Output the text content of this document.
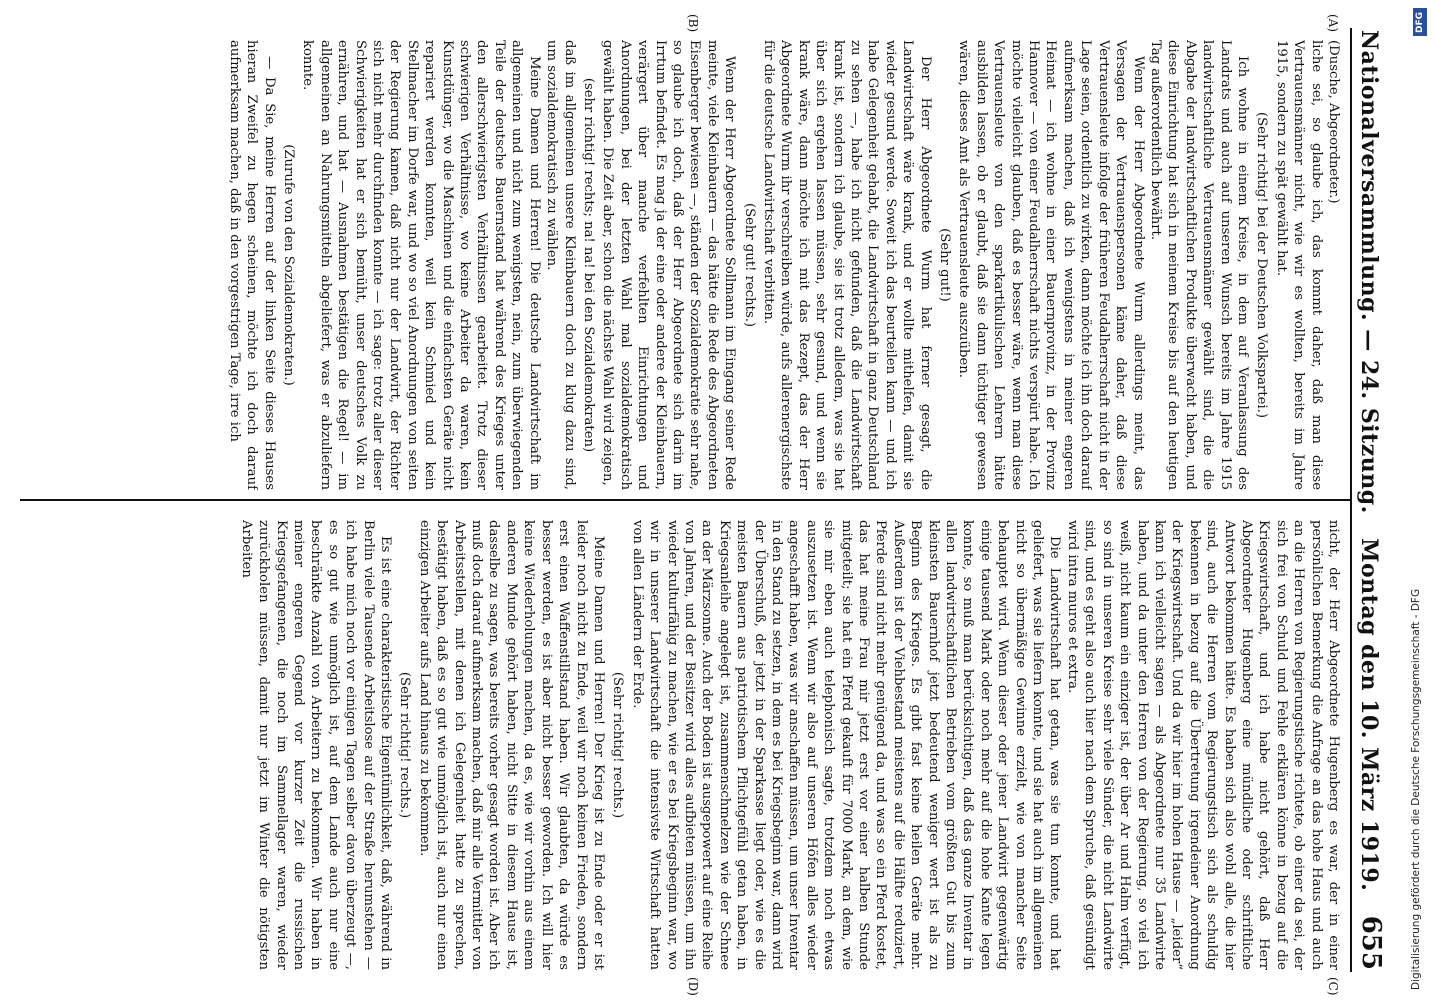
Nationalversammlung. — 24. Sitzung.
Montag den 10. März 1919.
655
(A)
(B)
(C)
(D)

(Dusche, Abgeordneter.)

liche sei, so glaube ich, das kommt daher, daß man diese Vertrauensmänner nicht, wie wir es wollten, bereits im Jahre 1915, sondern zu spät gewählt hat.

(Sehr richtig! bei der Deutschen Volkspartei.)

Ich wohne in einem Kreise, in dem auf Veranlassung des Landrats und auch auf unseren Wunsch bereits im Jahre 1915 landwirtschaftliche Vertrauensmänner gewählt sind, die die Abgabe der landwirtschaftlichen Produkte überwacht haben, und diese Einrichtung hat sich in meinem Kreise bis auf den heutigen Tag außerordentlich bewährt.

Wenn der Herr Abgeordnete Wurm allerdings meint, das Versagen der Vertrauenspersonen käme daher, daß diese Vertrauensleute infolge der früheren Feudalherrschaft nicht in der Lage seien, ordentlich zu wirken, dann möchte ich ihn doch darauf aufmerksam machen, daß ich wenigstens in meiner engeren Heimat — ich wohne in einer Bauernprovinz, in der Provinz Hannover — von einer Feudalherrschaft nichts verspürt habe. Ich möchte vielleicht glauben, daß es besser wäre, wenn man diese Vertrauensleute von den sparkartikulischen Lehrern hätte ausbilden lassen, ob er glaubt, daß sie dann tüchtiger gewesen wären, dieses Amt als Vertrauensleute auszuüben.

(Sehr gut!)

Der Herr Abgeordnete Wurm hat ferner gesagt, die Landwirtschaft wäre krank, und er wollte mithelfen, damit sie wieder gesund werde. Soweit ich das beurteilen kann — und ich habe Gelegenheit gehabt, die Landwirtschaft in ganz Deutschland zu sehen —, habe ich nicht gefunden, daß die Landwirtschaft krank ist, sondern ich glaube, sie ist trotz alledem, was sie hat über sich ergehen lassen müssen, sehr gesund, und wenn sie krank wäre, dann möchte ich mit das Rezept, das der Herr Abgeordnete Wurm ihr verschreiben würde, aufs allerenergischste für die deutsche Landwirtschaft verbitten.

(Sehr gut! rechts.)

Wenn der Herr Abgeordnete Sollmann im Eingang seiner Rede meinte, viele Kleinbauern — das hätte die Rede des Abgeordneten Eisenberger bewiesen —, ständen der Sozialdemokratie sehr nahe, so glaube ich doch, daß der Herr Abgeordnete sich darin im Irrtum befindet. Es mag ja der eine oder andere der Kleinbauern, verärgert über manche verfehlten Einrichtungen und Anordnungen, bei der letzten Wahl mal sozialdemokratisch gewählt haben. Die Zeit aber, schon die nächste Wahl wird zeigen,

(sehr richtig! rechts; na! na! bei den Sozialdemokraten)

daß im allgemeinen unsere Kleinbauern doch zu klug dazu sind, um sozialdemokratisch zu wählen.

Meine Damen und Herren! Die deutsche Landwirtschaft im allgemeinen und nicht zum wenigsten, nein, zum überwiegenden Teile der deutsche Bauernstand hat während des Krieges unter den allerschwierigsten Verhältnissen gearbeitet. Trotz dieser schwierigen Verhältnisse, wo keine Arbeiter da waren, kein Kunstdünger, wo die Maschinen und die einfachsten Geräte nicht repariert werden konnten, weil kein Schmied und kein Stellmacher im Dorfe war, und wo so viel Anordnungen von seiten der Regierung kamen, daß nicht nur der Landwirt, der Richter sich nicht mehr durchfinden konnte — ich sage: trotz aller dieser Schwierigkeiten hat er sich bemüht, unser deutsches Volk zu ernähren, und hat — Ausnahmen bestätigen die Regel! — im allgemeinen an Nahrungsmitteln abgeliefert, was er abzuliefern konnte.

(Zurufe von den Sozialdemokraten.)

— Da Sie, meine Herren auf der linken Seite dieses Hauses hieran Zweifel zu hegen scheinen, möchte ich doch darauf aufmerksam machen, daß in den vorgestrigen Tage, irre ich

nicht, der Herr Abgeordnete Hugenberg es war, der in einer persönlichen Bemerkung die Anfrage an das hohe Haus und auch an die Herren von Regierungstische richtete, ob einer da sei, der sich frei von Schuld und Fehle erklären könne in bezug auf die Kriegswirtschaft, und ich habe nicht gehört, daß Herr Abgeordneter Hugenberg eine mündliche oder schriftliche Antwort bekommen hätte. Es haben sich also wohl alle, die hier sind, auch die Herren vom Regierungstisch sich als schuldig bekennen in bezug auf die Übertretung irgendeiner Anordnung der Kriegswirtschaft. Und da wir hier im hohen Hause — „leider“ kann ich vielleicht sagen — als Abgeordnete nur 35 Landwirte haben, und da unter den Herren von der Regierung, so viel ich weiß, nicht kaum ein einziger ist, der über Ar und Halm verfügt, so sind in unseren Kreise sehr viele Sünder, die nicht Landwirte sind, und es geht also auch hier nach dem Spruche, daß gesündigt wird intra muros et extra.

Die Landwirtschaft hat getan, was sie tun konnte, und hat geliefert, was sie liefern konnte, und sie hat auch im allgemeinen nicht so übermäßige Gewinne erzielt, wie von mancher Seite behauptet wird. Wenn dieser oder jener Landwirt gegenwärtig einige tausend Mark oder noch mehr auf die hohe Kante legen konnte, so muß man berücksichtigen, daß das ganze Inventar in allen landwirtschaftlichen Betrieben vom größten Gut bis zum kleinsten Bauernhof jetzt bedeutend weniger wert ist als zu Beginn des Krieges. Es gibt fast keine heilen Geräte mehr. Außerdem ist der Viehbestand meistens auf die Hälfte reduziert, Pferde sind nicht mehr genügend da, und was so ein Pferd kostet, das hat meine Frau mir jetzt erst vor einer halben Stunde mitgeteilt; sie hat ein Pferd gekauft für 7000 Mark, an dem, wie sie mir eben auch telephonisch sagte, trotzdem noch etwas auszusetzen ist. Wenn wir also auf unseren Höfen alles wieder angeschafft haben, was wir anschaffen müssen, um unser Inventar in den Stand zu setzen, in dem es bei Kriegsbeginn war, dann wird der Überschuß, der jetzt in der Sparkasse liegt oder, wie es die meisten Bauern aus patriotischem Pflichtgefühl getan haben, in Kriegsanleihe angelegt ist, zusammenschmelzen wie der Schnee an der Märzsonne. Auch der Boden ist ausgepowert auf eine Reihe von Jahren, und der Besitzer wird alles aufbieten müssen, um ihn wieder kulturfähig zu machen, wie er es bei Kriegsbeginn war, wo wir in unserer Landwirtschaft die intensivste Wirtschaft hatten von allen Ländern der Erde.

(Sehr richtig! rechts.)

Meine Damen und Herren! Der Krieg ist zu Ende oder er ist leider noch nicht zu Ende, weil wir noch keinen Frieden, sondern erst einen Waffenstillstand haben. Wir glaubten, da würde es besser werden, es ist aber nicht besser geworden. Ich will hier keine Wiederholungen machen, da es, wie wir vorhin aus einem anderen Munde gehört haben, nicht Sitte in diesem Hause ist, dasselbe zu sagen, was bereits vorher gesagt worden ist. Aber ich muß doch darauf aufmerksam machen, daß mir alle Vermittler von Arbeitsstellen, mit denen ich Gelegenheit hatte zu sprechen, bestätigt haben, daß es so gut wie unmöglich ist, auch nur einen einzigen Arbeiter aufs Land hinaus zu bekommen.

(Sehr richtig! rechts.)

Es ist eine charakteristische Eigentümlichkeit, daß, während in Berlin viele Tausende Arbeitslose auf der Straße herumstehen — ich habe mich noch vor einigen Tagen selber davon überzeugt —, es so gut wie unmöglich ist, auf dem Lande auch nur eine beschränkte Anzahl von Arbeitern zu bekommen. Wir haben in meiner engeren Gegend vor kurzer Zeit die russischen Kriegsgefangenen, die noch im Sammellager waren, wieder zurückholen müssen, damit nur jetzt im Winter die nötigsten Arbeiten

DFG
Digitalisierung gefördert durch die Deutsche Forschungsgemeinschaft - DFG
